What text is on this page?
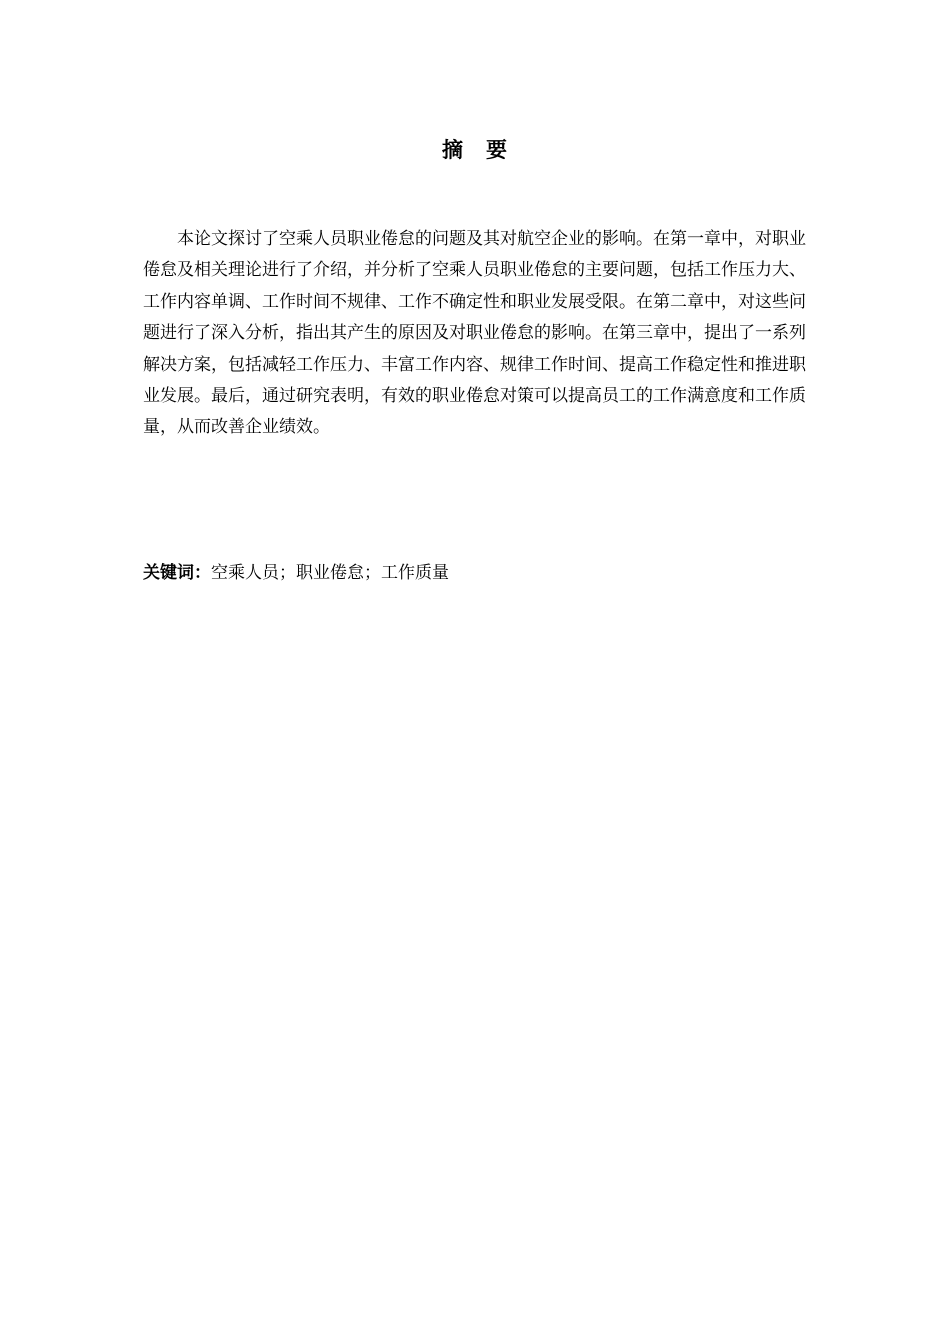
摘 要

本论文探讨了空乘人员职业倦怠的问题及其对航空企业的影响。在第一章中，对职业倦怠及相关理论进行了介绍，并分析了空乘人员职业倦怠的主要问题，包括工作压力大、工作内容单调、工作时间不规律、工作不确定性和职业发展受限。在第二章中，对这些问题进行了深入分析，指出其产生的原因及对职业倦怠的影响。在第三章中，提出了一系列解决方案，包括减轻工作压力、丰富工作内容、规律工作时间、提高工作稳定性和推进职业发展。最后，通过研究表明，有效的职业倦怠对策可以提高员工的工作满意度和工作质量，从而改善企业绩效。

关键词：空乘人员；职业倦怠；工作质量
